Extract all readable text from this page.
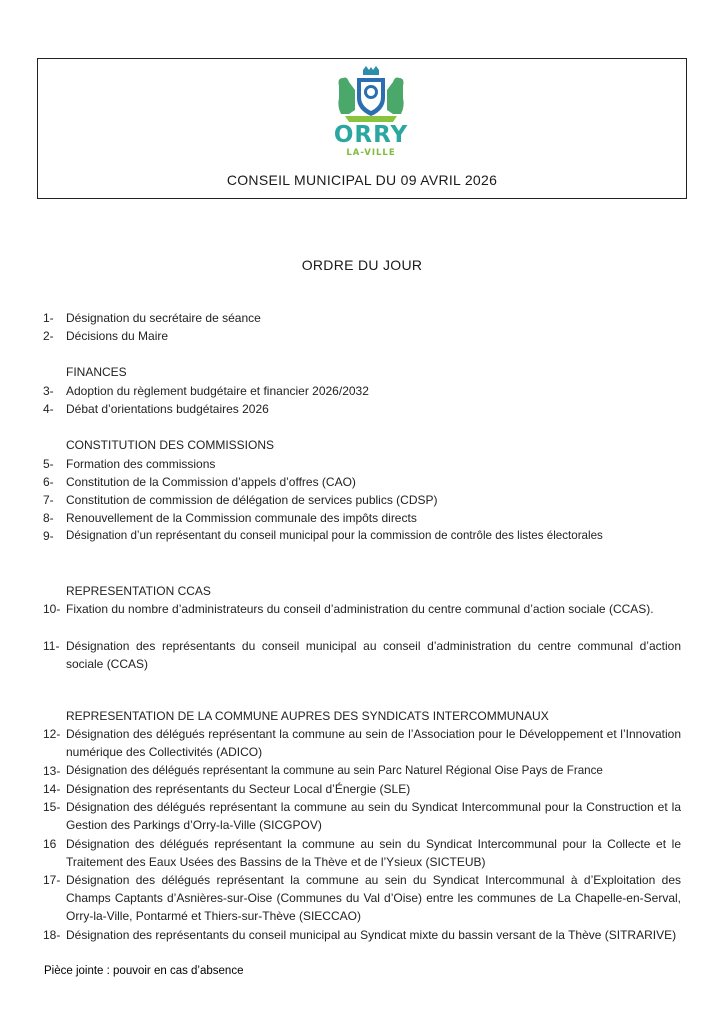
ORRY
LA-VILLE
CONSEIL MUNICIPAL DU 09 AVRIL 2026
ORDRE DU JOUR
1- Désignation du secrétaire de séance
2- Décisions du Maire
FINANCES
3- Adoption du règlement budgétaire et financier 2026/2032
4- Débat d’orientations budgétaires 2026
CONSTITUTION DES COMMISSIONS
5- Formation des commissions
6- Constitution de la Commission d’appels d’offres (CAO)
7- Constitution de commission de délégation de services publics (CDSP)
8- Renouvellement de la Commission communale des impôts directs
9- Désignation d’un représentant du conseil municipal pour la commission de contrôle des listes électorales
REPRESENTATION CCAS
10- Fixation du nombre d’administrateurs du conseil d’administration du centre communal d’action sociale (CCAS).
11- Désignation des représentants du conseil municipal au conseil d’administration du centre communal d’action sociale (CCAS)
REPRESENTATION DE LA COMMUNE AUPRES DES SYNDICATS INTERCOMMUNAUX
12- Désignation des délégués représentant la commune au sein de l’Association pour le Développement et l’Innovation numérique des Collectivités (ADICO)
13- Désignation des délégués représentant la commune au sein Parc Naturel Régional Oise Pays de France
14- Désignation des représentants du Secteur Local d’Énergie (SLE)
15- Désignation des délégués représentant la commune au sein du Syndicat Intercommunal pour la Construction et la Gestion des Parkings d’Orry-la-Ville (SICGPOV)
16 Désignation des délégués représentant la commune au sein du Syndicat Intercommunal pour la Collecte et le Traitement des Eaux Usées des Bassins de la Thève et de l’Ysieux (SICTEUB)
17- Désignation des délégués représentant la commune au sein du Syndicat Intercommunal à d’Exploitation des Champs Captants d’Asnières-sur-Oise (Communes du Val d’Oise) entre les communes de La Chapelle-en-Serval, Orry-la-Ville, Pontarmé et Thiers-sur-Thève (SIECCAO)
18- Désignation des représentants du conseil municipal au Syndicat mixte du bassin versant de la Thève (SITRARIVE)
Pièce jointe : pouvoir en cas d’absence
